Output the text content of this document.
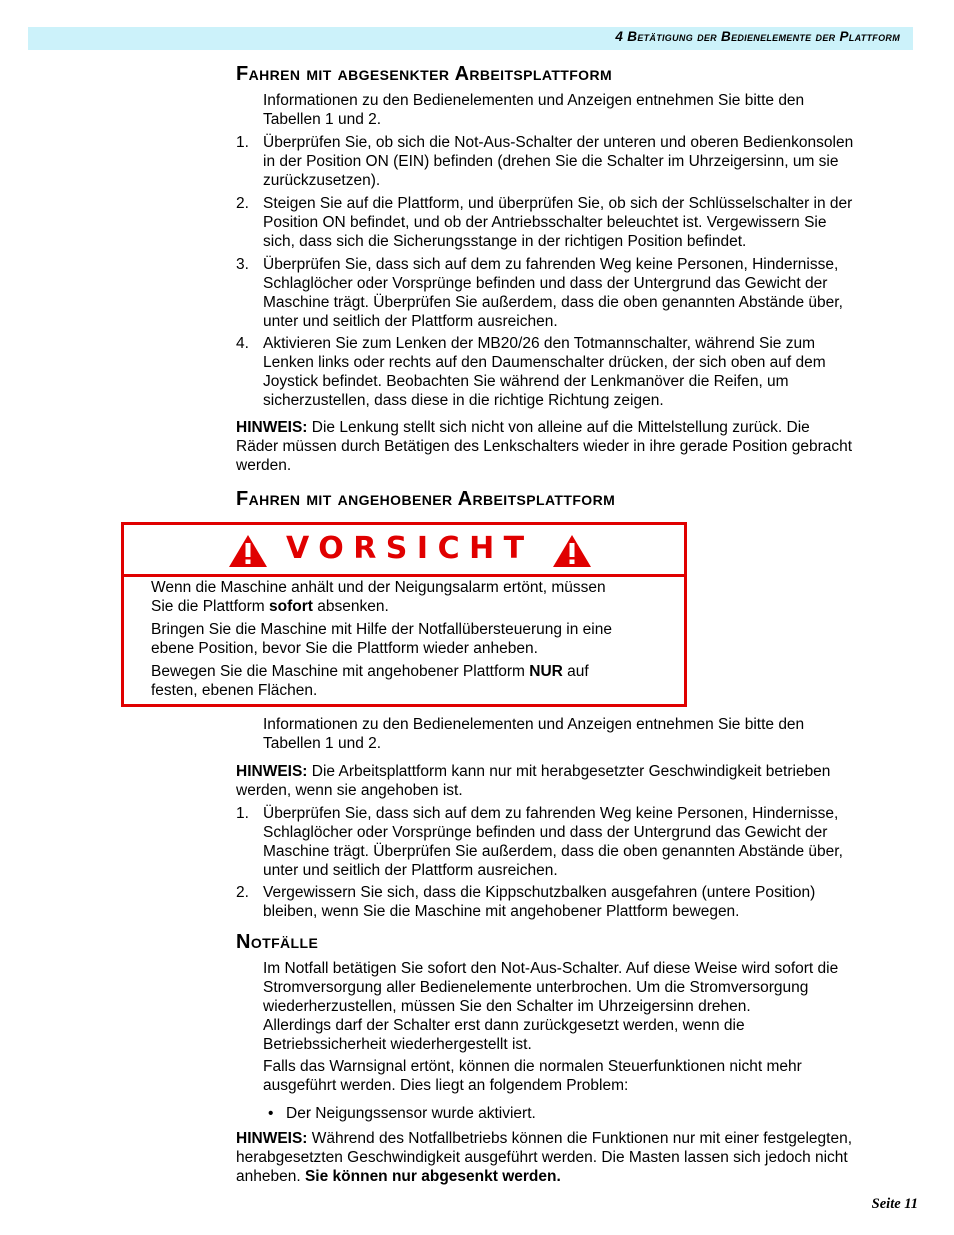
4 Betätigung der Bedienelemente der Plattform
Fahren mit abgesenkter Arbeitsplattform
Informationen zu den Bedienelementen und Anzeigen entnehmen Sie bitte den
Tabellen 1 und 2.
1. Überprüfen Sie, ob sich die Not-Aus-Schalter der unteren und oberen Bedienkonsolen
in der Position ON (EIN) befinden (drehen Sie die Schalter im Uhrzeigersinn, um sie
zurückzusetzen).
2. Steigen Sie auf die Plattform, und überprüfen Sie, ob sich der Schlüsselschalter in der
Position ON befindet, und ob der Antriebsschalter beleuchtet ist. Vergewissern Sie
sich, dass sich die Sicherungsstange in der richtigen Position befindet.
3. Überprüfen Sie, dass sich auf dem zu fahrenden Weg keine Personen, Hindernisse,
Schlaglöcher oder Vorsprünge befinden und dass der Untergrund das Gewicht der
Maschine trägt. Überprüfen Sie außerdem, dass die oben genannten Abstände über,
unter und seitlich der Plattform ausreichen.
4. Aktivieren Sie zum Lenken der MB20/26 den Totmannschalter, während Sie zum
Lenken links oder rechts auf den Daumenschalter drücken, der sich oben auf dem
Joystick befindet. Beobachten Sie während der Lenkmanöver die Reifen, um
sicherzustellen, dass diese in die richtige Richtung zeigen.
HINWEIS: Die Lenkung stellt sich nicht von alleine auf die Mittelstellung zurück. Die
Räder müssen durch Betätigen des Lenkschalters wieder in ihre gerade Position gebracht
werden.
Fahren mit angehobener Arbeitsplattform
VORSICHT
Wenn die Maschine anhält und der Neigungsalarm ertönt, müssen
Sie die Plattform sofort absenken.
Bringen Sie die Maschine mit Hilfe der Notfallübersteuerung in eine
ebene Position, bevor Sie die Plattform wieder anheben.
Bewegen Sie die Maschine mit angehobener Plattform NUR auf
festen, ebenen Flächen.
Informationen zu den Bedienelementen und Anzeigen entnehmen Sie bitte den
Tabellen 1 und 2.
HINWEIS: Die Arbeitsplattform kann nur mit herabgesetzter Geschwindigkeit betrieben
werden, wenn sie angehoben ist.
1. Überprüfen Sie, dass sich auf dem zu fahrenden Weg keine Personen, Hindernisse,
Schlaglöcher oder Vorsprünge befinden und dass der Untergrund das Gewicht der
Maschine trägt. Überprüfen Sie außerdem, dass die oben genannten Abstände über,
unter und seitlich der Plattform ausreichen.
2. Vergewissern Sie sich, dass die Kippschutzbalken ausgefahren (untere Position)
bleiben, wenn Sie die Maschine mit angehobener Plattform bewegen.
Notfälle
Im Notfall betätigen Sie sofort den Not-Aus-Schalter. Auf diese Weise wird sofort die
Stromversorgung aller Bedienelemente unterbrochen. Um die Stromversorgung
wiederherzustellen, müssen Sie den Schalter im Uhrzeigersinn drehen.
Allerdings darf der Schalter erst dann zurückgesetzt werden, wenn die
Betriebssicherheit wiederhergestellt ist.
Falls das Warnsignal ertönt, können die normalen Steuerfunktionen nicht mehr
ausgeführt werden. Dies liegt an folgendem Problem:
• Der Neigungssensor wurde aktiviert.
HINWEIS: Während des Notfallbetriebs können die Funktionen nur mit einer festgelegten,
herabgesetzten Geschwindigkeit ausgeführt werden. Die Masten lassen sich jedoch nicht
anheben. Sie können nur abgesenkt werden.
Seite 11
